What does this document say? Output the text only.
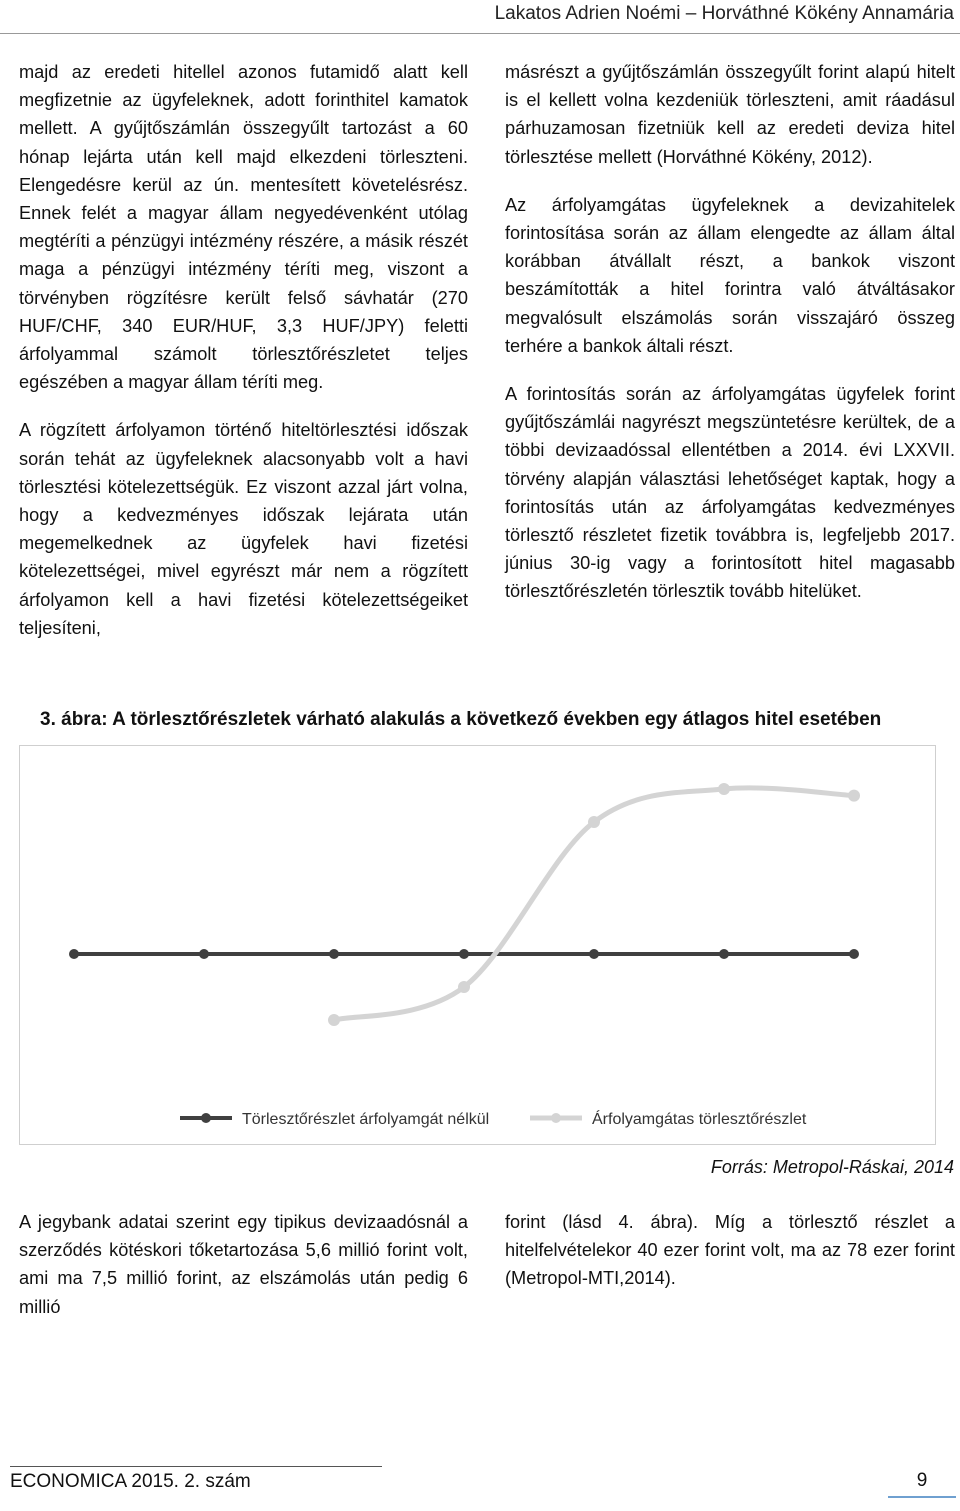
Lakatos Adrien Noémi – Horváthné Kökény Annamária

majd az eredeti hitellel azonos futamidő alatt kell megfizetnie az ügyfeleknek, adott forinthitel kamatok mellett. A gyűjtőszámlán összegyűlt tartozást a 60 hónap lejárta után kell majd elkezdeni törleszteni. Elengedésre kerül az ún. mentesített követelésrész. Ennek felét a magyar állam negyedévenként utólag megtéríti a pénzügyi intézmény részére, a másik részét maga a pénzügyi intézmény téríti meg, viszont a törvényben rögzítésre került felső sávhatár (270 HUF/CHF, 340 EUR/HUF, 3,3 HUF/JPY) feletti árfolyammal számolt törlesztőrészletet teljes egészében a magyar állam téríti meg.

A rögzített árfolyamon történő hiteltörlesztési időszak során tehát az ügyfeleknek alacsonyabb volt a havi törlesztési kötelezettségük. Ez viszont azzal járt volna, hogy a kedvezményes időszak lejárata után megemelkednek az ügyfelek havi fizetési kötelezettségei, mivel egyrészt már nem a rögzített árfolyamon kell a havi fizetési kötelezettségeiket teljesíteni,

másrészt a gyűjtőszámlán összegyűlt forint alapú hitelt is el kellett volna kezdeniük törleszteni, amit ráadásul párhuzamosan fizetniük kell az eredeti deviza hitel törlesztése mellett (Horváthné Kökény, 2012).

Az árfolyamgátas ügyfeleknek a devizahitelek forintosítása során az állam elengedte az állam által korábban átvállalt részt, a bankok viszont beszámították a hitel forintra való átváltásakor megvalósult elszámolás során visszajáró összeg terhére a bankok általi részt.

A forintosítás során az árfolyamgátas ügyfelek forint gyűjtőszámlái nagyrészt megszüntetésre kerültek, de a többi devizaadóssal ellentétben a 2014. évi LXXVII. törvény alapján választási lehetőséget kaptak, hogy a forintosítás után az árfolyamgátas kedvezményes törlesztő részletet fizetik továbbra is, legfeljebb 2017. június 30-ig vagy a forintosított hitel magasabb törlesztőrészletén törlesztik tovább hitelüket.

3. ábra: A törlesztőrészletek várható alakulás a következő években egy átlagos hitel esetében
Törlesztőrészlet árfolyamgát nélkül	Árfolyamgátas törlesztőrészlet
Forrás: Metropol-Ráskai, 2014

A jegybank adatai szerint egy tipikus devizaadósnál a szerződés kötéskori tőketartozása 5,6 millió forint volt, ami ma 7,5 millió forint, az elszámolás után pedig 6 millió

forint (lásd 4. ábra). Míg a törlesztő részlet a hitelfelvételekor 40 ezer forint volt, ma az 78 ezer forint (Metropol-MTI,2014).

ECONOMICA 2015. 2. szám	9
